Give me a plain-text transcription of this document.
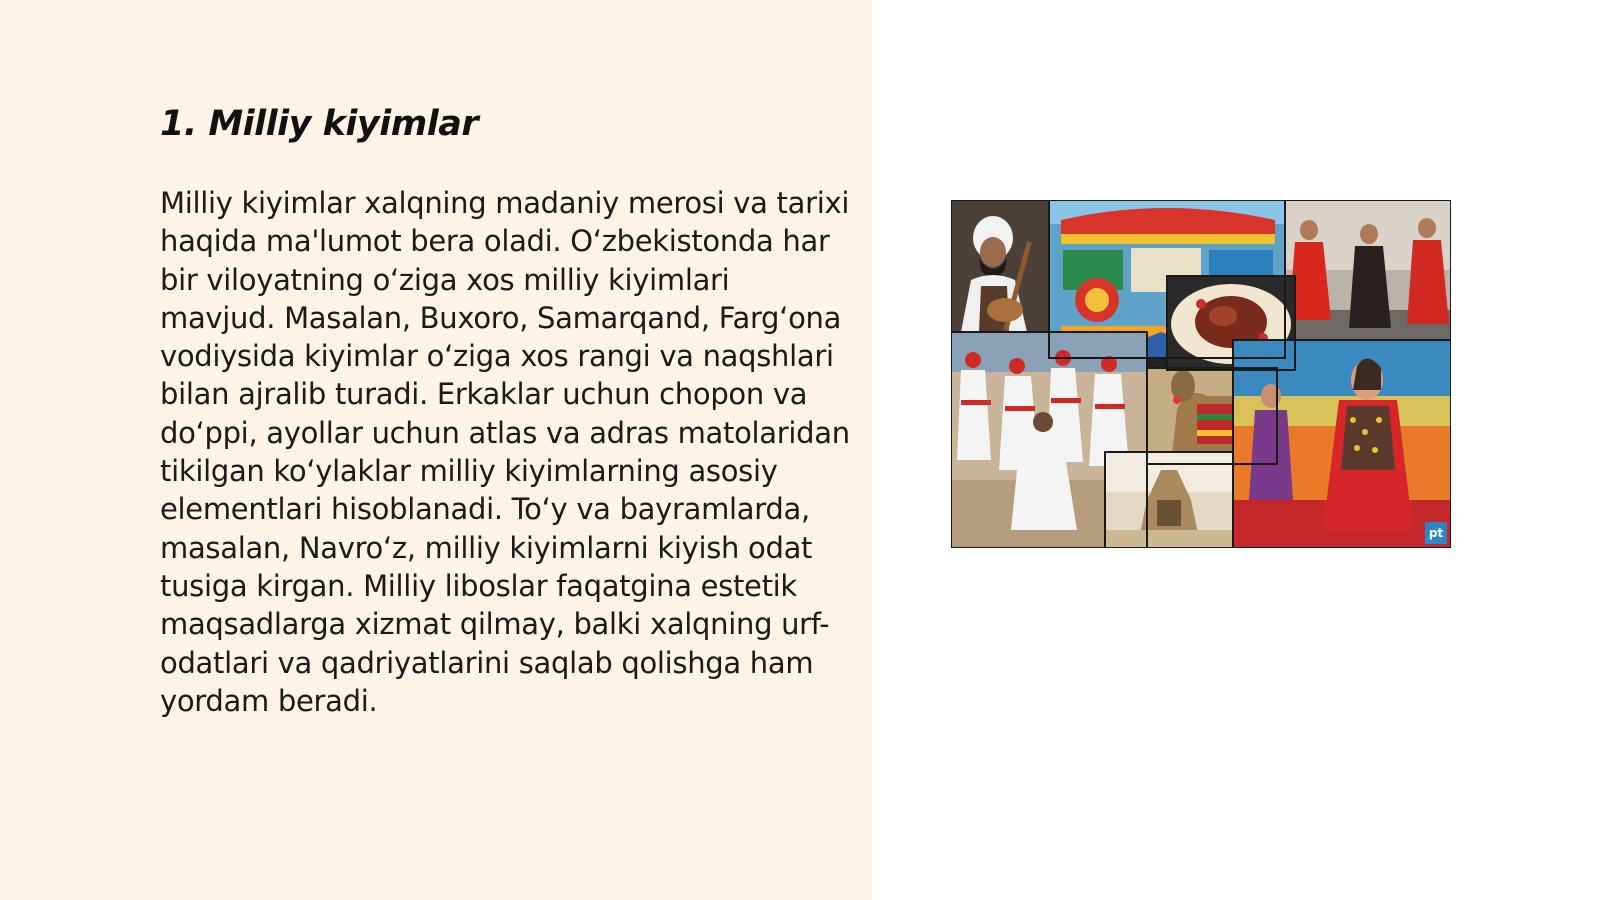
1. Milliy kiyimlar

Milliy kiyimlar xalqning madaniy merosi va tarixi haqida ma'lumot bera oladi. O‘zbekistonda har bir viloyatning o‘ziga xos milliy kiyimlari mavjud. Masalan, Buxoro, Samarqand, Farg‘ona vodiysida kiyimlar o‘ziga xos rangi va naqshlari bilan ajralib turadi. Erkaklar uchun chopon va do‘ppi, ayollar uchun atlas va adras matolaridan tikilgan ko‘ylaklar milliy kiyimlarning asosiy elementlari hisoblanadi. To‘y va bayramlarda, masalan, Navro‘z, milliy kiyimlarni kiyish odat tusiga kirgan. Milliy liboslar faqatgina estetik maqsadlarga xizmat qilmay, balki xalqning urf-odatlari va qadriyatlarini saqlab qolishga ham yordam beradi.

pt
